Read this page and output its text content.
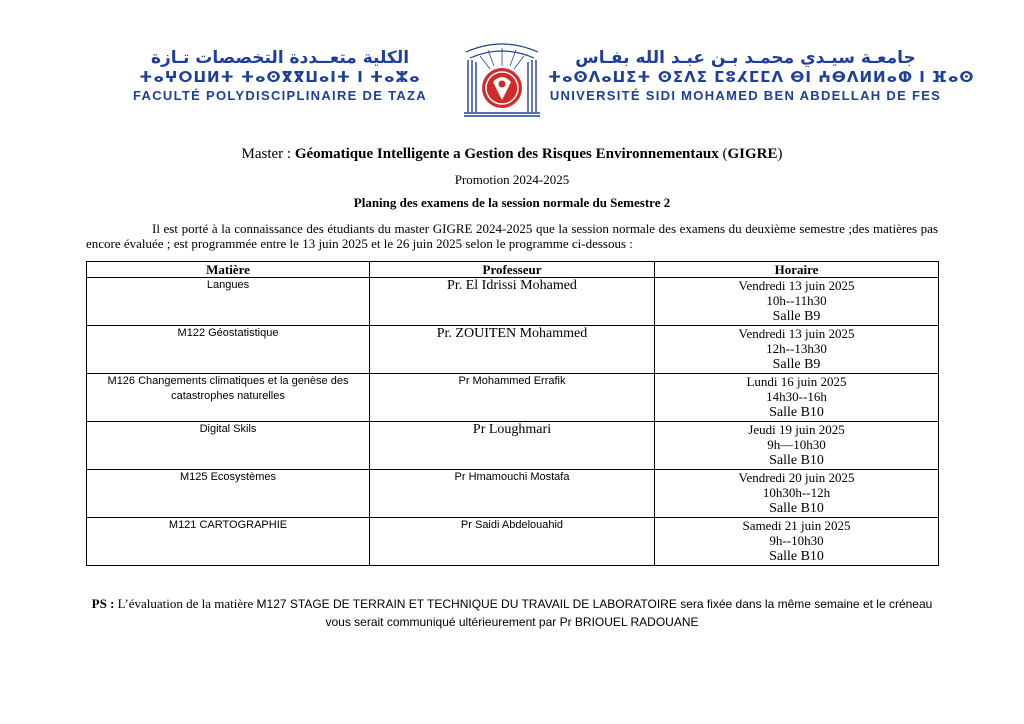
الكلية متعــددة التخصصات تـازة
ⵜⴰⵖⵔⵡⵍⵜ ⵜⴰⵙⴳⴳⵡⴰⵏⵜ ⵏ ⵜⴰⵣⴰ
FACULTÉ POLYDISCIPLINAIRE DE TAZA
جامعـة سيـدي محمـد بـن عبـد الله بفـاس
ⵜⴰⵙⴷⴰⵡⵉⵜ ⵙⵉⴷⵉ ⵎⵓⵃⵎⵎⴷ ⴱⵏ ⵄⴱⴷⵍⵍⴰⵀ ⵏ ⴼⴰⵙ
UNIVERSITÉ SIDI MOHAMED BEN ABDELLAH DE FES
Master : Géomatique Intelligente a Gestion des Risques Environnementaux (GIGRE)
Promotion 2024-2025
Planing des examens de la session normale du Semestre 2
Il est porté à la connaissance des étudiants du master GIGRE 2024-2025 que la session normale des examens du deuxième semestre ;des matières pas encore évaluée ; est programmée entre le 13 juin 2025 et le 26 juin 2025 selon le programme ci-dessous :
Matière	Professeur	Horaire
Langues	Pr. El Idrissi Mohamed	Vendredi 13 juin 2025
10h--11h30
Salle B9

M122 Géostatistique	Pr. ZOUITEN Mohammed	Vendredi 13 juin 2025
12h--13h30
Salle B9

M126 Changements climatiques et la genèse des catastrophes naturelles	Pr Mohammed Errafik	Lundi 16 juin 2025
14h30--16h
Salle B10

Digital Skils	Pr Loughmari	Jeudi 19 juin 2025
9h—10h30
Salle B10

M125 Ecosystèmes	Pr Hmamouchi Mostafa	Vendredi 20 juin 2025
10h30h--12h
Salle B10

M121 CARTOGRAPHIE	Pr Saidi Abdelouahid	Samedi 21 juin 2025
9h--10h30
Salle B10
PS : L’évaluation de la matière M127 STAGE DE TERRAIN ET TECHNIQUE DU TRAVAIL DE LABORATOIRE sera fixée dans la même semaine et le créneau vous serait communiqué ultérieurement par Pr BRIOUEL RADOUANE
